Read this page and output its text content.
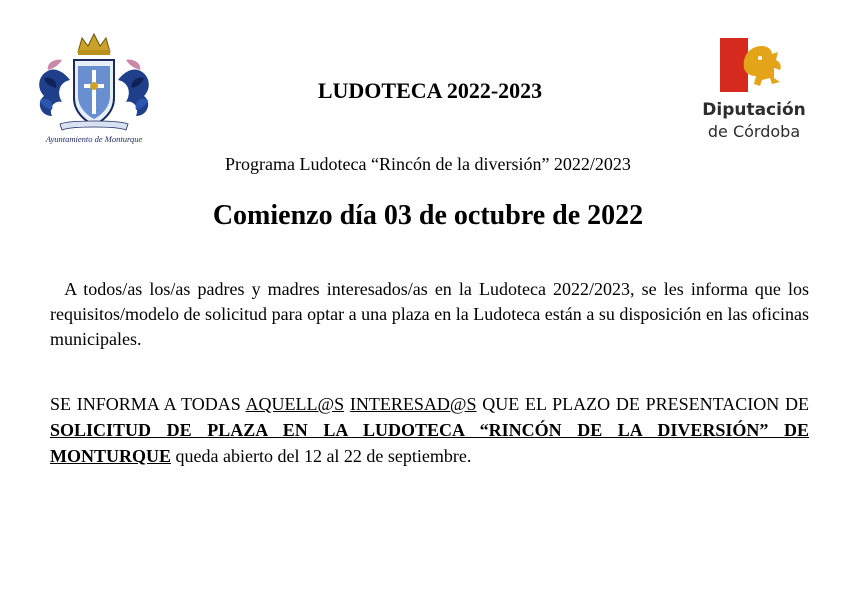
Ayuntamiento de Monturque
LUDOTECA 2022-2023
Diputación
de Córdoba
Programa Ludoteca “Rincón de la diversión” 2022/2023
Comienzo día 03 de octubre de 2022

A todos/as los/as padres y madres interesados/as en la Ludoteca 2022/2023, se les informa que los requisitos/modelo de solicitud para optar a una plaza en la Ludoteca están a su disposición en las oficinas municipales.

SE INFORMA A TODAS AQUELL@S INTERESAD@S QUE EL PLAZO DE PRESENTACION DE SOLICITUD DE PLAZA EN LA LUDOTECA “RINCÓN DE LA DIVERSIÓN” DE MONTURQUE queda abierto del 12 al 22 de septiembre.
